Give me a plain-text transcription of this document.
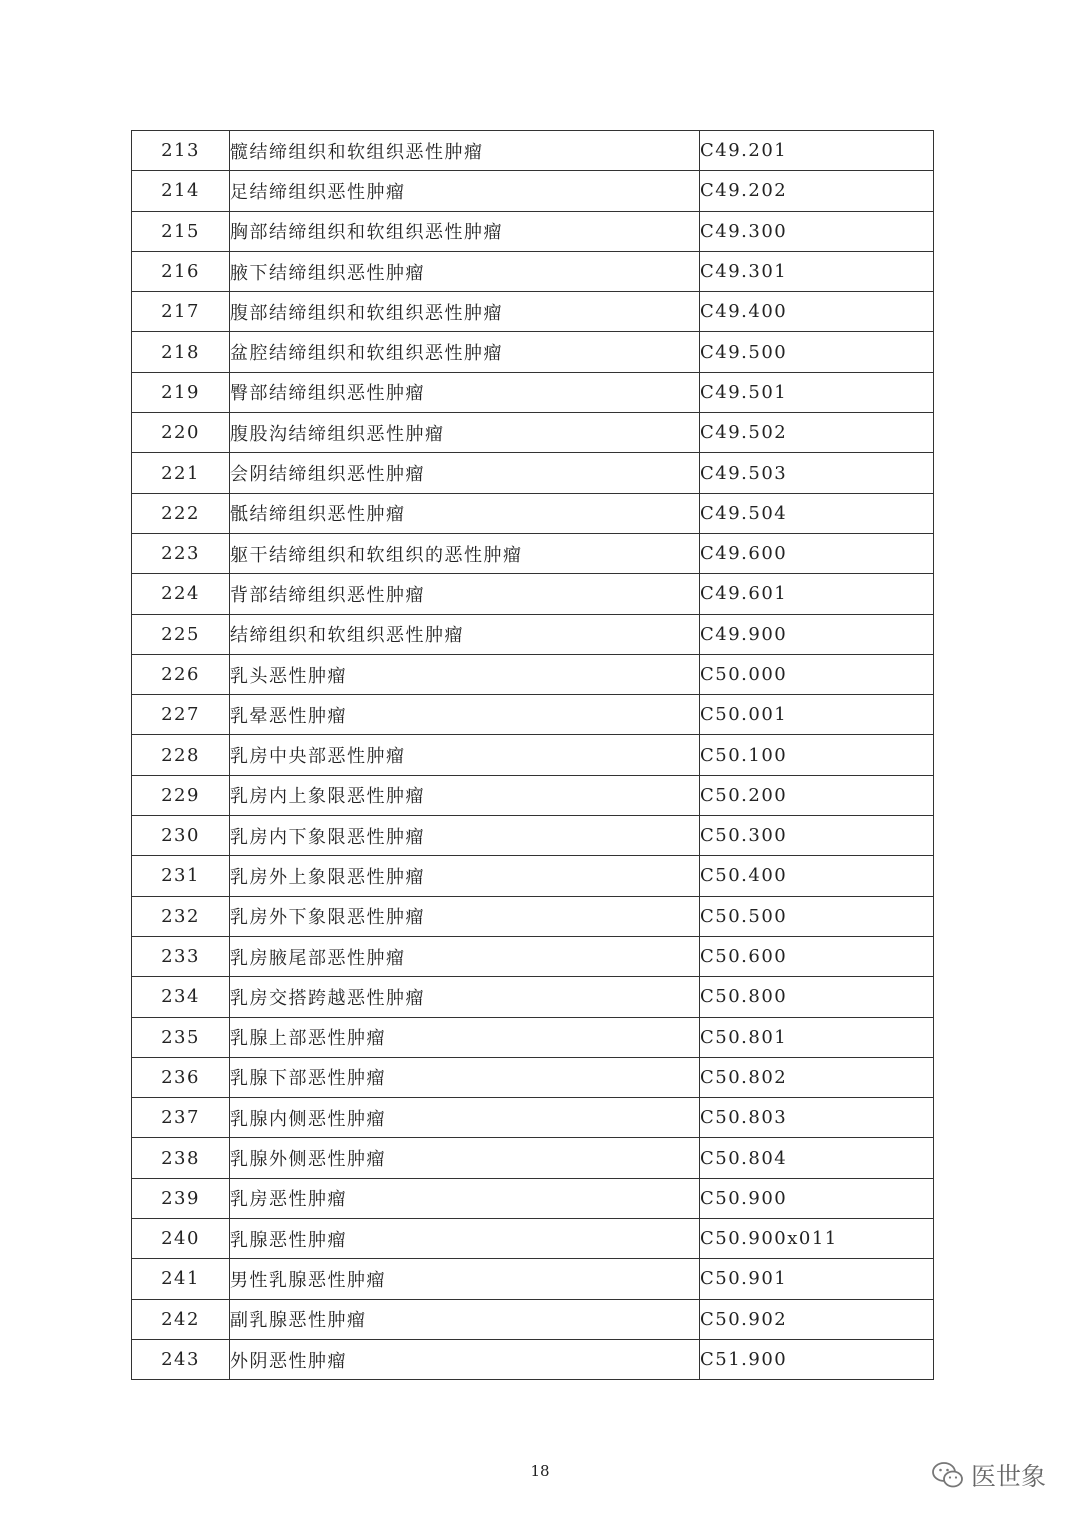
213	髋结缔组织和软组织恶性肿瘤	C49.201
214	足结缔组织恶性肿瘤	C49.202
215	胸部结缔组织和软组织恶性肿瘤	C49.300
216	腋下结缔组织恶性肿瘤	C49.301
217	腹部结缔组织和软组织恶性肿瘤	C49.400
218	盆腔结缔组织和软组织恶性肿瘤	C49.500
219	臀部结缔组织恶性肿瘤	C49.501
220	腹股沟结缔组织恶性肿瘤	C49.502
221	会阴结缔组织恶性肿瘤	C49.503
222	骶结缔组织恶性肿瘤	C49.504
223	躯干结缔组织和软组织的恶性肿瘤	C49.600
224	背部结缔组织恶性肿瘤	C49.601
225	结缔组织和软组织恶性肿瘤	C49.900
226	乳头恶性肿瘤	C50.000
227	乳晕恶性肿瘤	C50.001
228	乳房中央部恶性肿瘤	C50.100
229	乳房内上象限恶性肿瘤	C50.200
230	乳房内下象限恶性肿瘤	C50.300
231	乳房外上象限恶性肿瘤	C50.400
232	乳房外下象限恶性肿瘤	C50.500
233	乳房腋尾部恶性肿瘤	C50.600
234	乳房交搭跨越恶性肿瘤	C50.800
235	乳腺上部恶性肿瘤	C50.801
236	乳腺下部恶性肿瘤	C50.802
237	乳腺内侧恶性肿瘤	C50.803
238	乳腺外侧恶性肿瘤	C50.804
239	乳房恶性肿瘤	C50.900
240	乳腺恶性肿瘤	C50.900x011
241	男性乳腺恶性肿瘤	C50.901
242	副乳腺恶性肿瘤	C50.902
243	外阴恶性肿瘤	C51.900
18	医世象
